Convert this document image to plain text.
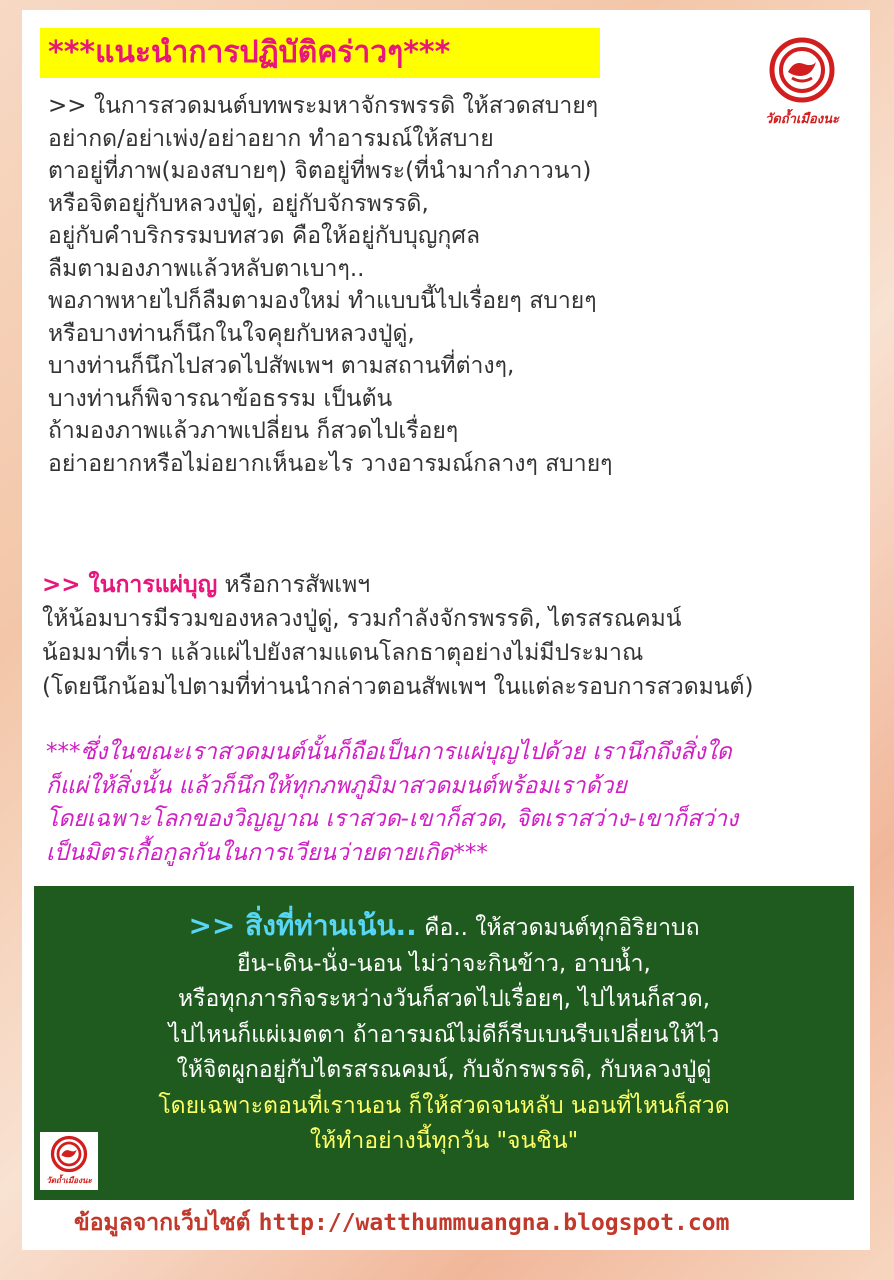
***แนะนำการปฏิบัติคร่าวๆ***
วัดถ้ำเมืองนะ
>> ในการสวดมนต์บทพระมหาจักรพรรดิ ให้สวดสบายๆ
อย่ากด/อย่าเพ่ง/อย่าอยาก ทำอารมณ์ให้สบาย
ตาอยู่ที่ภาพ(มองสบายๆ) จิตอยู่ที่พระ(ที่นำมากำภาวนา)
หรือจิตอยู่กับหลวงปู่ดู่, อยู่กับจักรพรรดิ,
อยู่กับคำบริกรรมบทสวด คือให้อยู่กับบุญกุศล
ลืมตามองภาพแล้วหลับตาเบาๆ..
พอภาพหายไปก็ลืมตามองใหม่ ทำแบบนี้ไปเรื่อยๆ สบายๆ
หรือบางท่านก็นึกในใจคุยกับหลวงปู่ดู่,
บางท่านก็นึกไปสวดไปสัพเพฯ ตามสถานที่ต่างๆ,
บางท่านก็พิจารณาข้อธรรม เป็นต้น
ถ้ามองภาพแล้วภาพเปลี่ยน ก็สวดไปเรื่อยๆ
อย่าอยากหรือไม่อยากเห็นอะไร วางอารมณ์กลางๆ สบายๆ
>> ในการแผ่บุญ หรือการสัพเพฯ
ให้น้อมบารมีรวมของหลวงปู่ดู่, รวมกำลังจักรพรรดิ, ไตรสรณคมน์
น้อมมาที่เรา แล้วแผ่ไปยังสามแดนโลกธาตุอย่างไม่มีประมาณ
(โดยนึกน้อมไปตามที่ท่านนำกล่าวตอนสัพเพฯ ในแต่ละรอบการสวดมนต์)
***ซึ่งในขณะเราสวดมนต์นั้นก็ถือเป็นการแผ่บุญไปด้วย เรานึกถึงสิ่งใด
ก็แผ่ให้สิ่งนั้น แล้วก็นึกให้ทุกภพภูมิมาสวดมนต์พร้อมเราด้วย
โดยเฉพาะโลกของวิญญาณ เราสวด-เขาก็สวด, จิตเราสว่าง-เขาก็สว่าง
เป็นมิตรเกื้อกูลกันในการเวียนว่ายตายเกิด***
>> สิ่งที่ท่านเน้น.. คือ.. ให้สวดมนต์ทุกอิริยาบถ
ยืน-เดิน-นั่ง-นอน ไม่ว่าจะกินข้าว, อาบน้ำ,
หรือทุกภารกิจระหว่างวันก็สวดไปเรื่อยๆ, ไปไหนก็สวด,
ไปไหนก็แผ่เมตตา ถ้าอารมณ์ไม่ดีก็รีบเบนรีบเปลี่ยนให้ไว
ให้จิตผูกอยู่กับไตรสรณคมน์, กับจักรพรรดิ, กับหลวงปู่ดู่
โดยเฉพาะตอนที่เรานอน ก็ให้สวดจนหลับ นอนที่ไหนก็สวด
ให้ทำอย่างนี้ทุกวัน "จนชิน"
วัดถ้ำเมืองนะ
ข้อมูลจากเว็บไซต์ http://watthummuangna.blogspot.com
